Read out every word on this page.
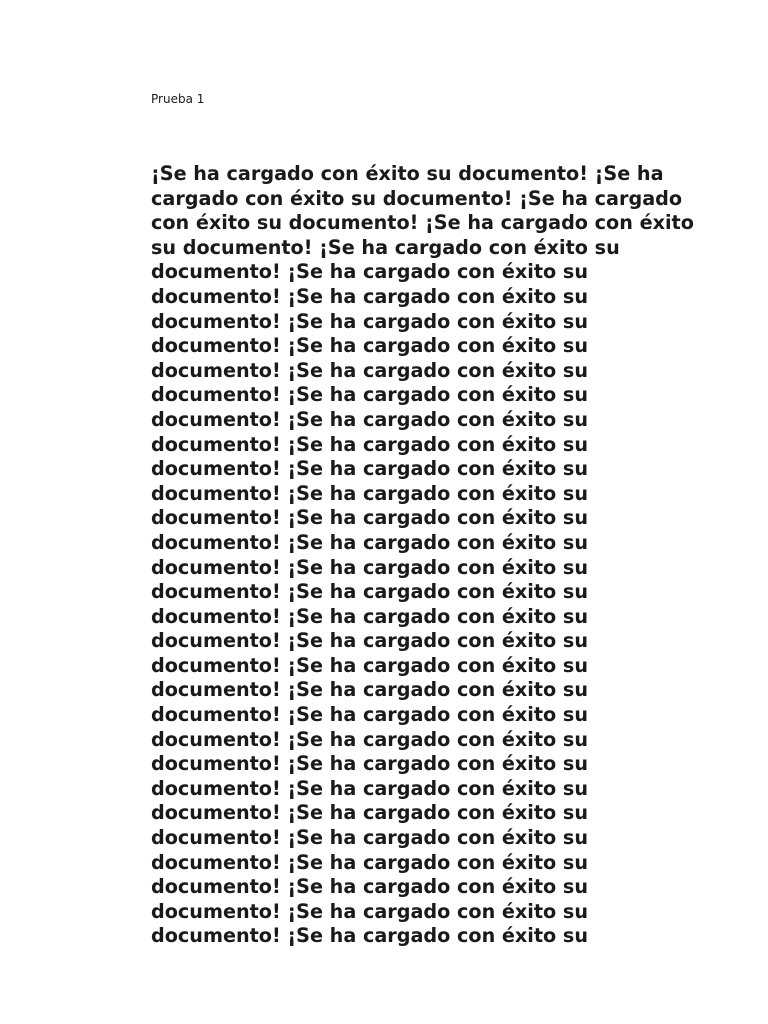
Prueba 1
¡Se ha cargado con éxito su documento! ¡Se ha
cargado con éxito su documento! ¡Se ha cargado
con éxito su documento! ¡Se ha cargado con éxito
su documento! ¡Se ha cargado con éxito su
documento! ¡Se ha cargado con éxito su
documento! ¡Se ha cargado con éxito su
documento! ¡Se ha cargado con éxito su
documento! ¡Se ha cargado con éxito su
documento! ¡Se ha cargado con éxito su
documento! ¡Se ha cargado con éxito su
documento! ¡Se ha cargado con éxito su
documento! ¡Se ha cargado con éxito su
documento! ¡Se ha cargado con éxito su
documento! ¡Se ha cargado con éxito su
documento! ¡Se ha cargado con éxito su
documento! ¡Se ha cargado con éxito su
documento! ¡Se ha cargado con éxito su
documento! ¡Se ha cargado con éxito su
documento! ¡Se ha cargado con éxito su
documento! ¡Se ha cargado con éxito su
documento! ¡Se ha cargado con éxito su
documento! ¡Se ha cargado con éxito su
documento! ¡Se ha cargado con éxito su
documento! ¡Se ha cargado con éxito su
documento! ¡Se ha cargado con éxito su
documento! ¡Se ha cargado con éxito su
documento! ¡Se ha cargado con éxito su
documento! ¡Se ha cargado con éxito su
documento! ¡Se ha cargado con éxito su
documento! ¡Se ha cargado con éxito su
documento! ¡Se ha cargado con éxito su
documento! ¡Se ha cargado con éxito su
